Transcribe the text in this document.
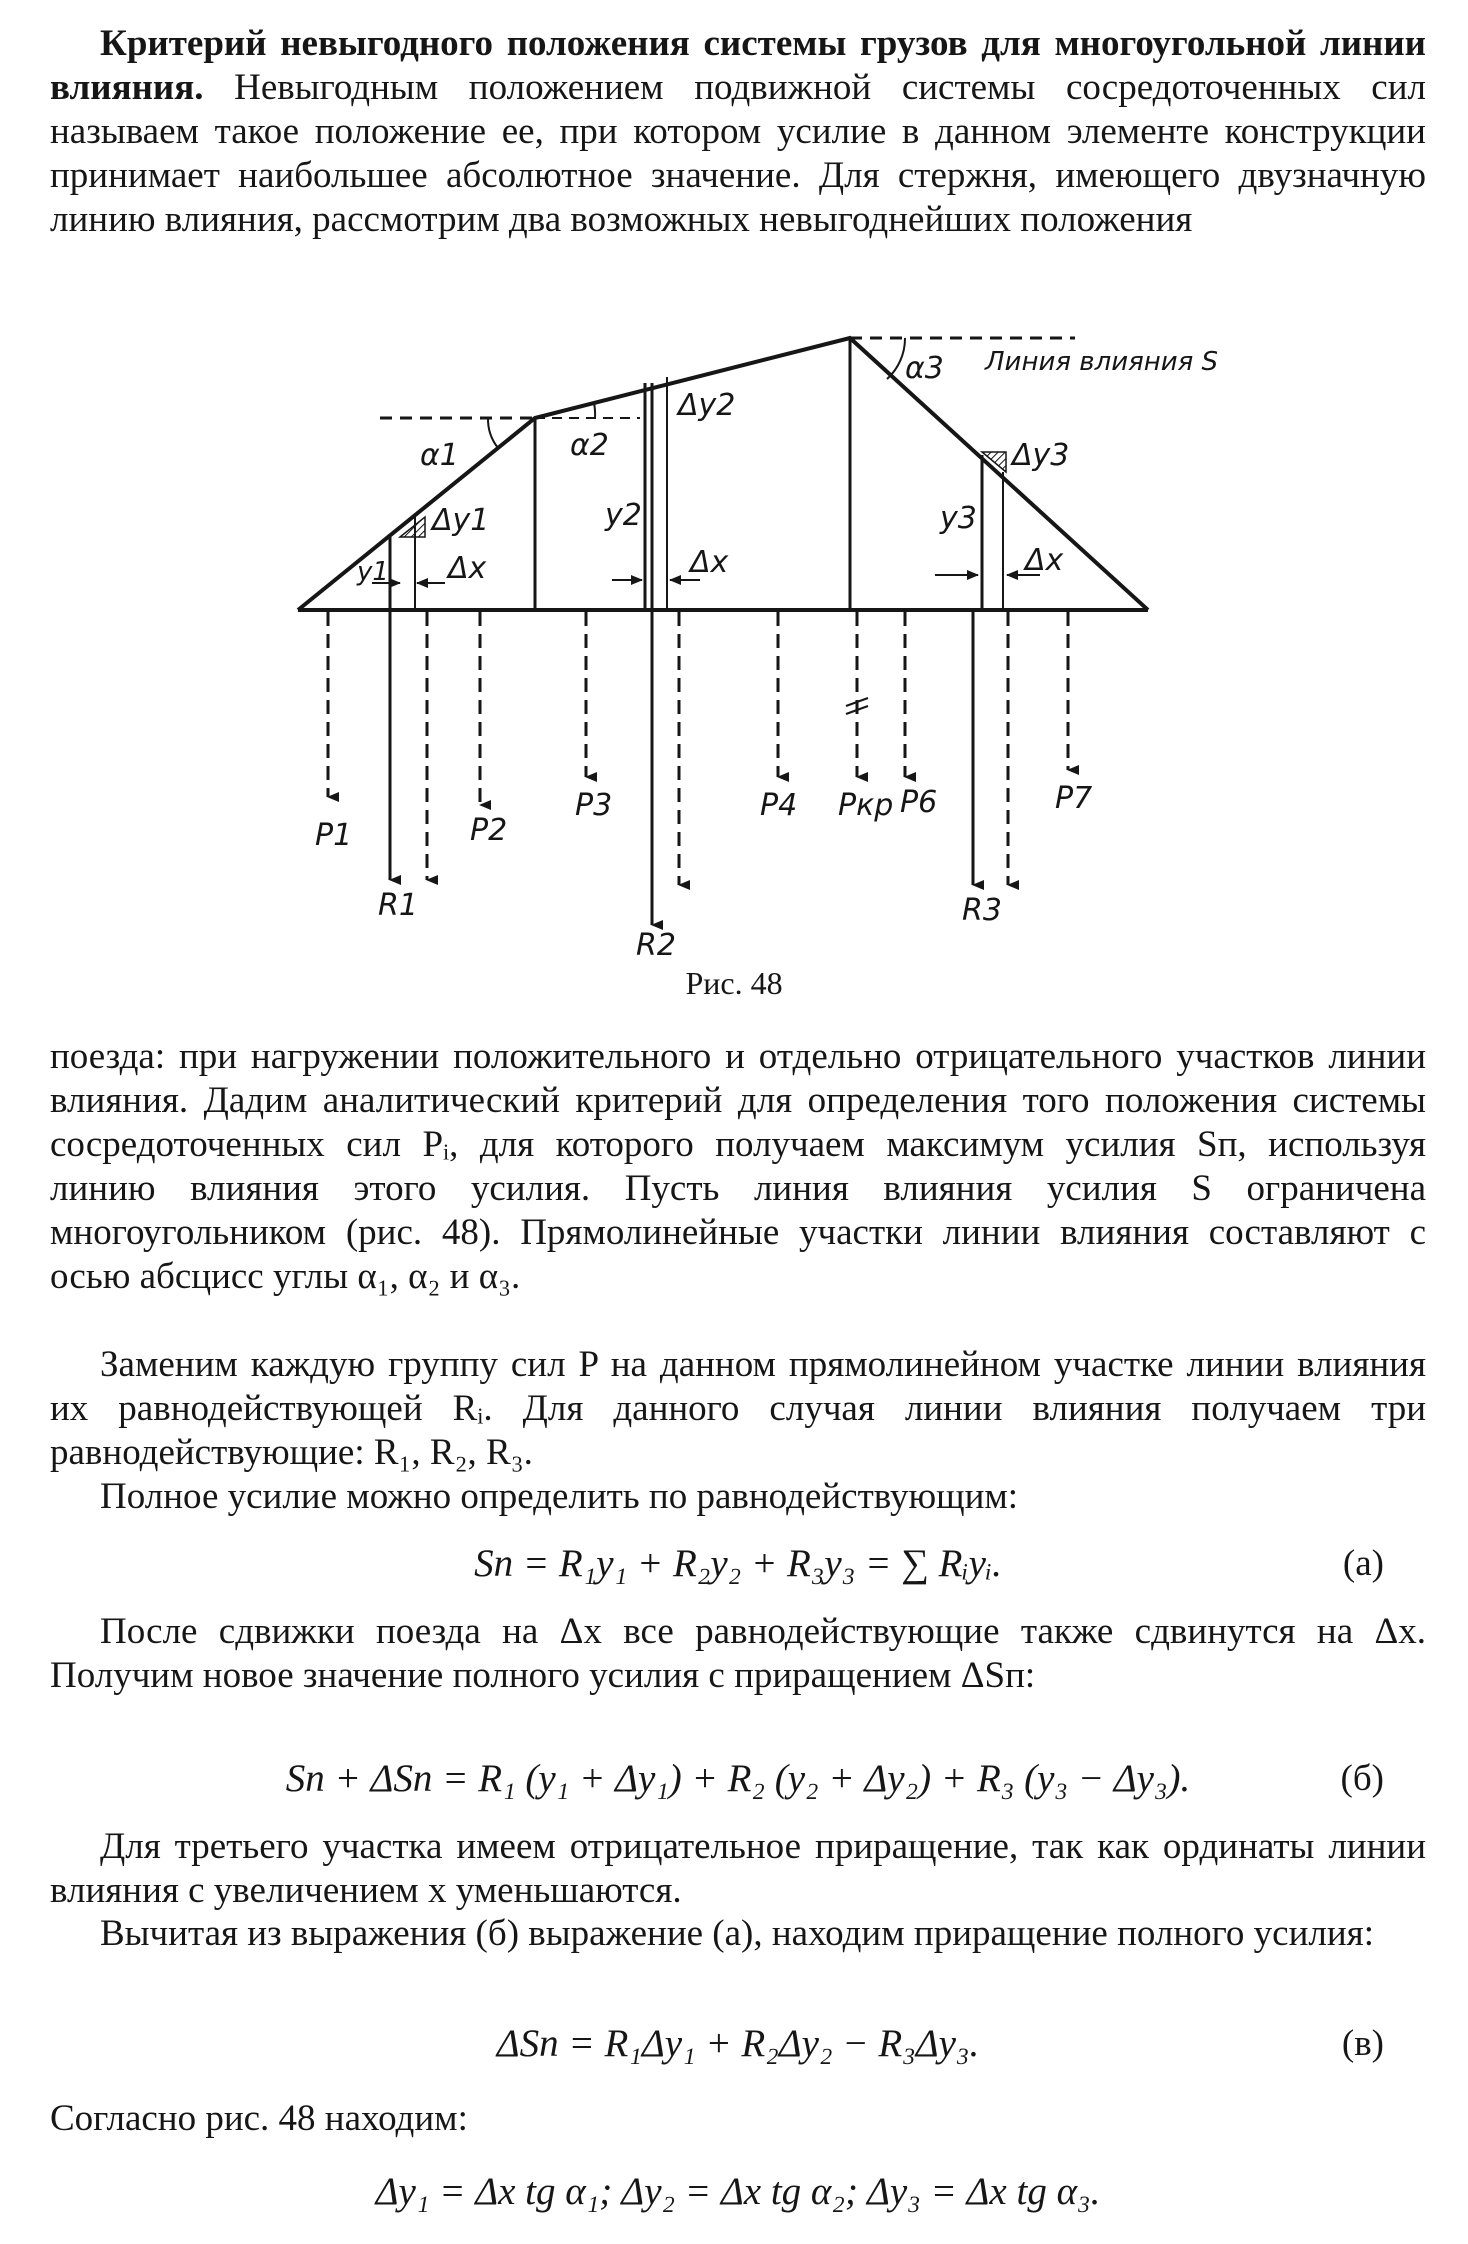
Критерий невыгодного положения системы грузов для многоугольной линии влияния. Невыгодным положением подвижной системы сосредоточенных сил называем такое положение ее, при котором усилие в данном элементе конструкции принимает наибольшее абсолютное значение. Для стержня, имеющего двузначную линию влияния, рассмотрим два возможных невыгоднейших положения
Линия влияния S
α1	α2
α3
Δy1
Δy2
Δy3
y1
y2	y3
Δx	Δx	Δx
P1	P2
P3	P4 Pкр P6	P7
R1
R2
R3
Рис. 48
поезда: при нагружении положительного и отдельно отрицательного участков линии влияния. Дадим аналитический критерий для определения того положения системы сосредоточенных сил Pᵢ, для которого получаем максимум усилия Sп, используя линию влияния этого усилия. Пусть линия влияния усилия S ограничена многоугольником (рис. 48). Прямолинейные участки линии влияния составляют с осью абсцисс углы α₁, α₂ и α₃.
Заменим каждую группу сил P на данном прямолинейном участке линии влияния их равнодействующей Rᵢ. Для данного случая линии влияния получаем три равнодействующие: R₁, R₂, R₃.
Полное усилие можно определить по равнодействующим:
Sп = R₁y₁ + R₂y₂ + R₃y₃ = ∑ Rᵢyᵢ.	(а)
После сдвижки поезда на Δx все равнодействующие также сдвинутся на Δx. Получим новое значение полного усилия с приращением ΔSп:
Sп + ΔSп = R₁ (y₁ + Δy₁) + R₂ (y₂ + Δy₂) + R₃ (y₃ − Δy₃).	(б)
Для третьего участка имеем отрицательное приращение, так как ординаты линии влияния с увеличением x уменьшаются.
Вычитая из выражения (б) выражение (а), находим приращение полного усилия:
ΔSп = R₁Δy₁ + R₂Δy₂ − R₃Δy₃.	(в)
Согласно рис. 48 находим:
Δy₁ = Δx tg α₁; Δy₂ = Δx tg α₂; Δy₃ = Δx tg α₃.
